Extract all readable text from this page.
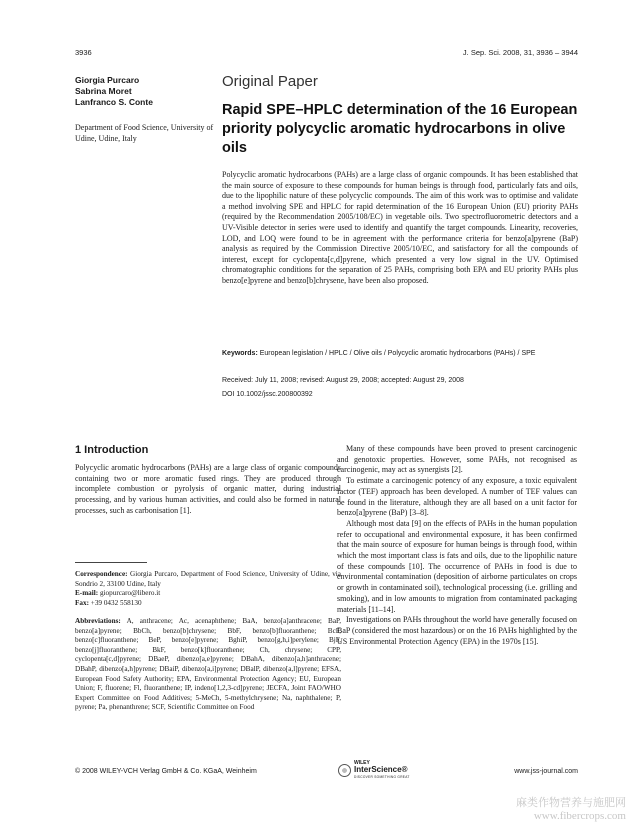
3936	J. Sep. Sci. 2008, 31, 3936 – 3944
Giorgia Purcaro
Sabrina Moret
Lanfranco S. Conte
Department of Food Science, University of Udine, Udine, Italy
Original Paper
Rapid SPE–HPLC determination of the 16 European priority polycyclic aromatic hydrocarbons in olive oils
Polycyclic aromatic hydrocarbons (PAHs) are a large class of organic compounds. It has been established that the main source of exposure to these compounds for human beings is through food, particularly fats and oils, due to the lipophilic nature of these polycyclic compounds. The aim of this work was to optimise and validate a method involving SPE and HPLC for rapid determination of the 16 European Union (EU) priority PAHs (required by the Recommendation 2005/108/EC) in vegetable oils. Two spectrofluorometric detectors and a UV-Visible detector in series were used to identify and quantify the target compounds. Linearity, recoveries, LOD, and LOQ were found to be in agreement with the performance criteria for benzo[a]pyrene (BaP) analysis as required by the Commission Directive 2005/10/EC, and satisfactory for all the compounds of interest, except for cyclopenta[c,d]pyrene, which presented a very low signal in the UV. Optimised chromatographic conditions for the separation of 25 PAHs, comprising both EPA and EU priority PAHs plus benzo[e]pyrene and benzo[b]chrysene, have been also proposed.
Keywords: European legislation / HPLC / Olive oils / Polycyclic aromatic hydrocarbons (PAHs) / SPE
Received: July 11, 2008; revised: August 29, 2008; accepted: August 29, 2008
DOI 10.1002/jssc.200800392
1 Introduction

Polycyclic aromatic hydrocarbons (PAHs) are a large class of organic compounds containing two or more aromatic fused rings. They are produced through incomplete combustion or pyrolysis of organic matter, during industrial processing, and by various human activities, and could also be formed in natural processes, such as carbonisation [1].

Correspondence: Giorgia Purcaro, Department of Food Science, University of Udine, via Sondrio 2, 33100 Udine, Italy
E-mail: giopurcaro@libero.it
Fax: +39 0432 558130
Abbreviations: A, anthracene; Ac, acenaphthene; BaA, benzo[a]anthracene; BaP, benzo[a]pyrene; BbCh, benzo[b]chrysene; BbF, benzo[b]fluoranthene; BcF, benzo[c]fluoranthene; BeP, benzo[e]pyrene; BghiP, benzo[g,h,i]perylene; BjF, benzo[j]fluoranthene; BkF, benzo[k]fluoranthene; Ch, chrysene; CPP, cyclopenta[c,d]pyrene; DBaeP, dibenzo[a,e]pyrene; DBahA, dibenzo[a,h]anthracene; DBahP, dibenzo[a,h]pyrene; DBaiP, dibenzo[a,i]pyrene; DBalP, dibenzo[a,l]pyrene; EFSA, European Food Safety Authority; EPA, Environmental Protection Agency; EU, European Union; F, fluorene; Fl, fluoranthene; IP, indeno[1,2,3-cd]pyrene; JECFA, Joint FAO/WHO Expert Committee on Food Additives; 5-MeCh, 5-methylchrysene; Na, naphthalene; P, pyrene; Pa, phenanthrene; SCF, Scientific Committee on Food

Many of these compounds have been proved to present carcinogenic and genotoxic properties. However, some PAHs, not recognised as carcinogenic, may act as synergists [2].

To estimate a carcinogenic potency of any exposure, a toxic equivalent factor (TEF) approach has been developed. A number of TEF values can be found in the literature, although they are all based on a unit factor for benzo[a]pyrene (BaP) [3–8].

Although most data [9] on the effects of PAHs in the human population refer to occupational and environmental exposure, it has been confirmed that the main source of exposure for human beings is through food, within which the most important class is fats and oils, due to the lipophilic nature of these compounds [10]. The occurrence of PAHs in food is due to environmental contamination (deposition of airborne particulates on crops or growth in contaminated soil), technological processing (i.e. grilling and smoking), and in low amounts to migration from contaminated packaging materials [11–14].

Investigations on PAHs throughout the world have generally focused on BaP (considered the most hazardous) or on the 16 PAHs highlighted by the US Environmental Protection Agency (EPA) in the 1970s [15].

© 2008 WILEY-VCH Verlag GmbH & Co. KGaA, Weinheim
WILEY
InterScience®
DISCOVER SOMETHING GREAT
www.jss-journal.com
麻类作物营养与施肥网
www.fibercrops.com
